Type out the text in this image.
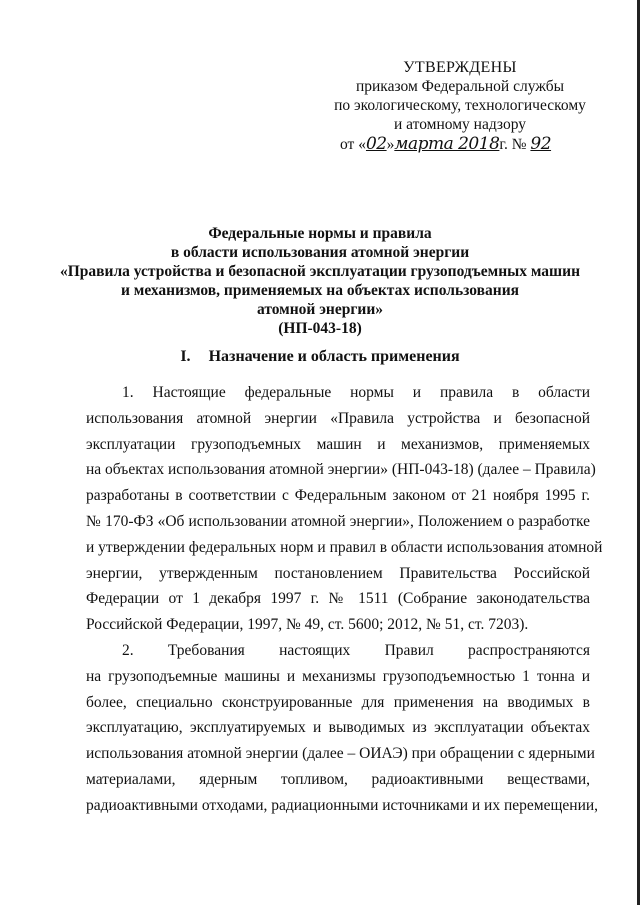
УТВЕРЖДЕНЫ
приказом Федеральной службы
по экологическому, технологическому
и атомному надзору
от «02»марта 2018г. № 92
Федеральные нормы и правила
в области использования атомной энергии
«Правила устройства и безопасной эксплуатации грузоподъемных машин
и механизмов, применяемых на объектах использования
атомной энергии»
(НП-043-18)
I. Назначение и область применения
1. Настоящие федеральные нормы и правила в области
использования атомной энергии «Правила устройства и безопасной
эксплуатации грузоподъемных машин и механизмов, применяемых
на объектах использования атомной энергии» (НП-043-18) (далее – Правила)
разработаны в соответствии с Федеральным законом от 21 ноября 1995 г.
№ 170-ФЗ «Об использовании атомной энергии», Положением о разработке
и утверждении федеральных норм и правил в области использования атомной
энергии, утвержденным постановлением Правительства Российской
Федерации от 1 декабря 1997 г. № 1511 (Собрание законодательства
Российской Федерации, 1997, № 49, ст. 5600; 2012, № 51, ст. 7203).
2. Требования настоящих Правил распространяются
на грузоподъемные машины и механизмы грузоподъемностью 1 тонна и
более, специально сконструированные для применения на вводимых в
эксплуатацию, эксплуатируемых и выводимых из эксплуатации объектах
использования атомной энергии (далее – ОИАЭ) при обращении с ядерными
материалами, ядерным топливом, радиоактивными веществами,
радиоактивными отходами, радиационными источниками и их перемещении,
